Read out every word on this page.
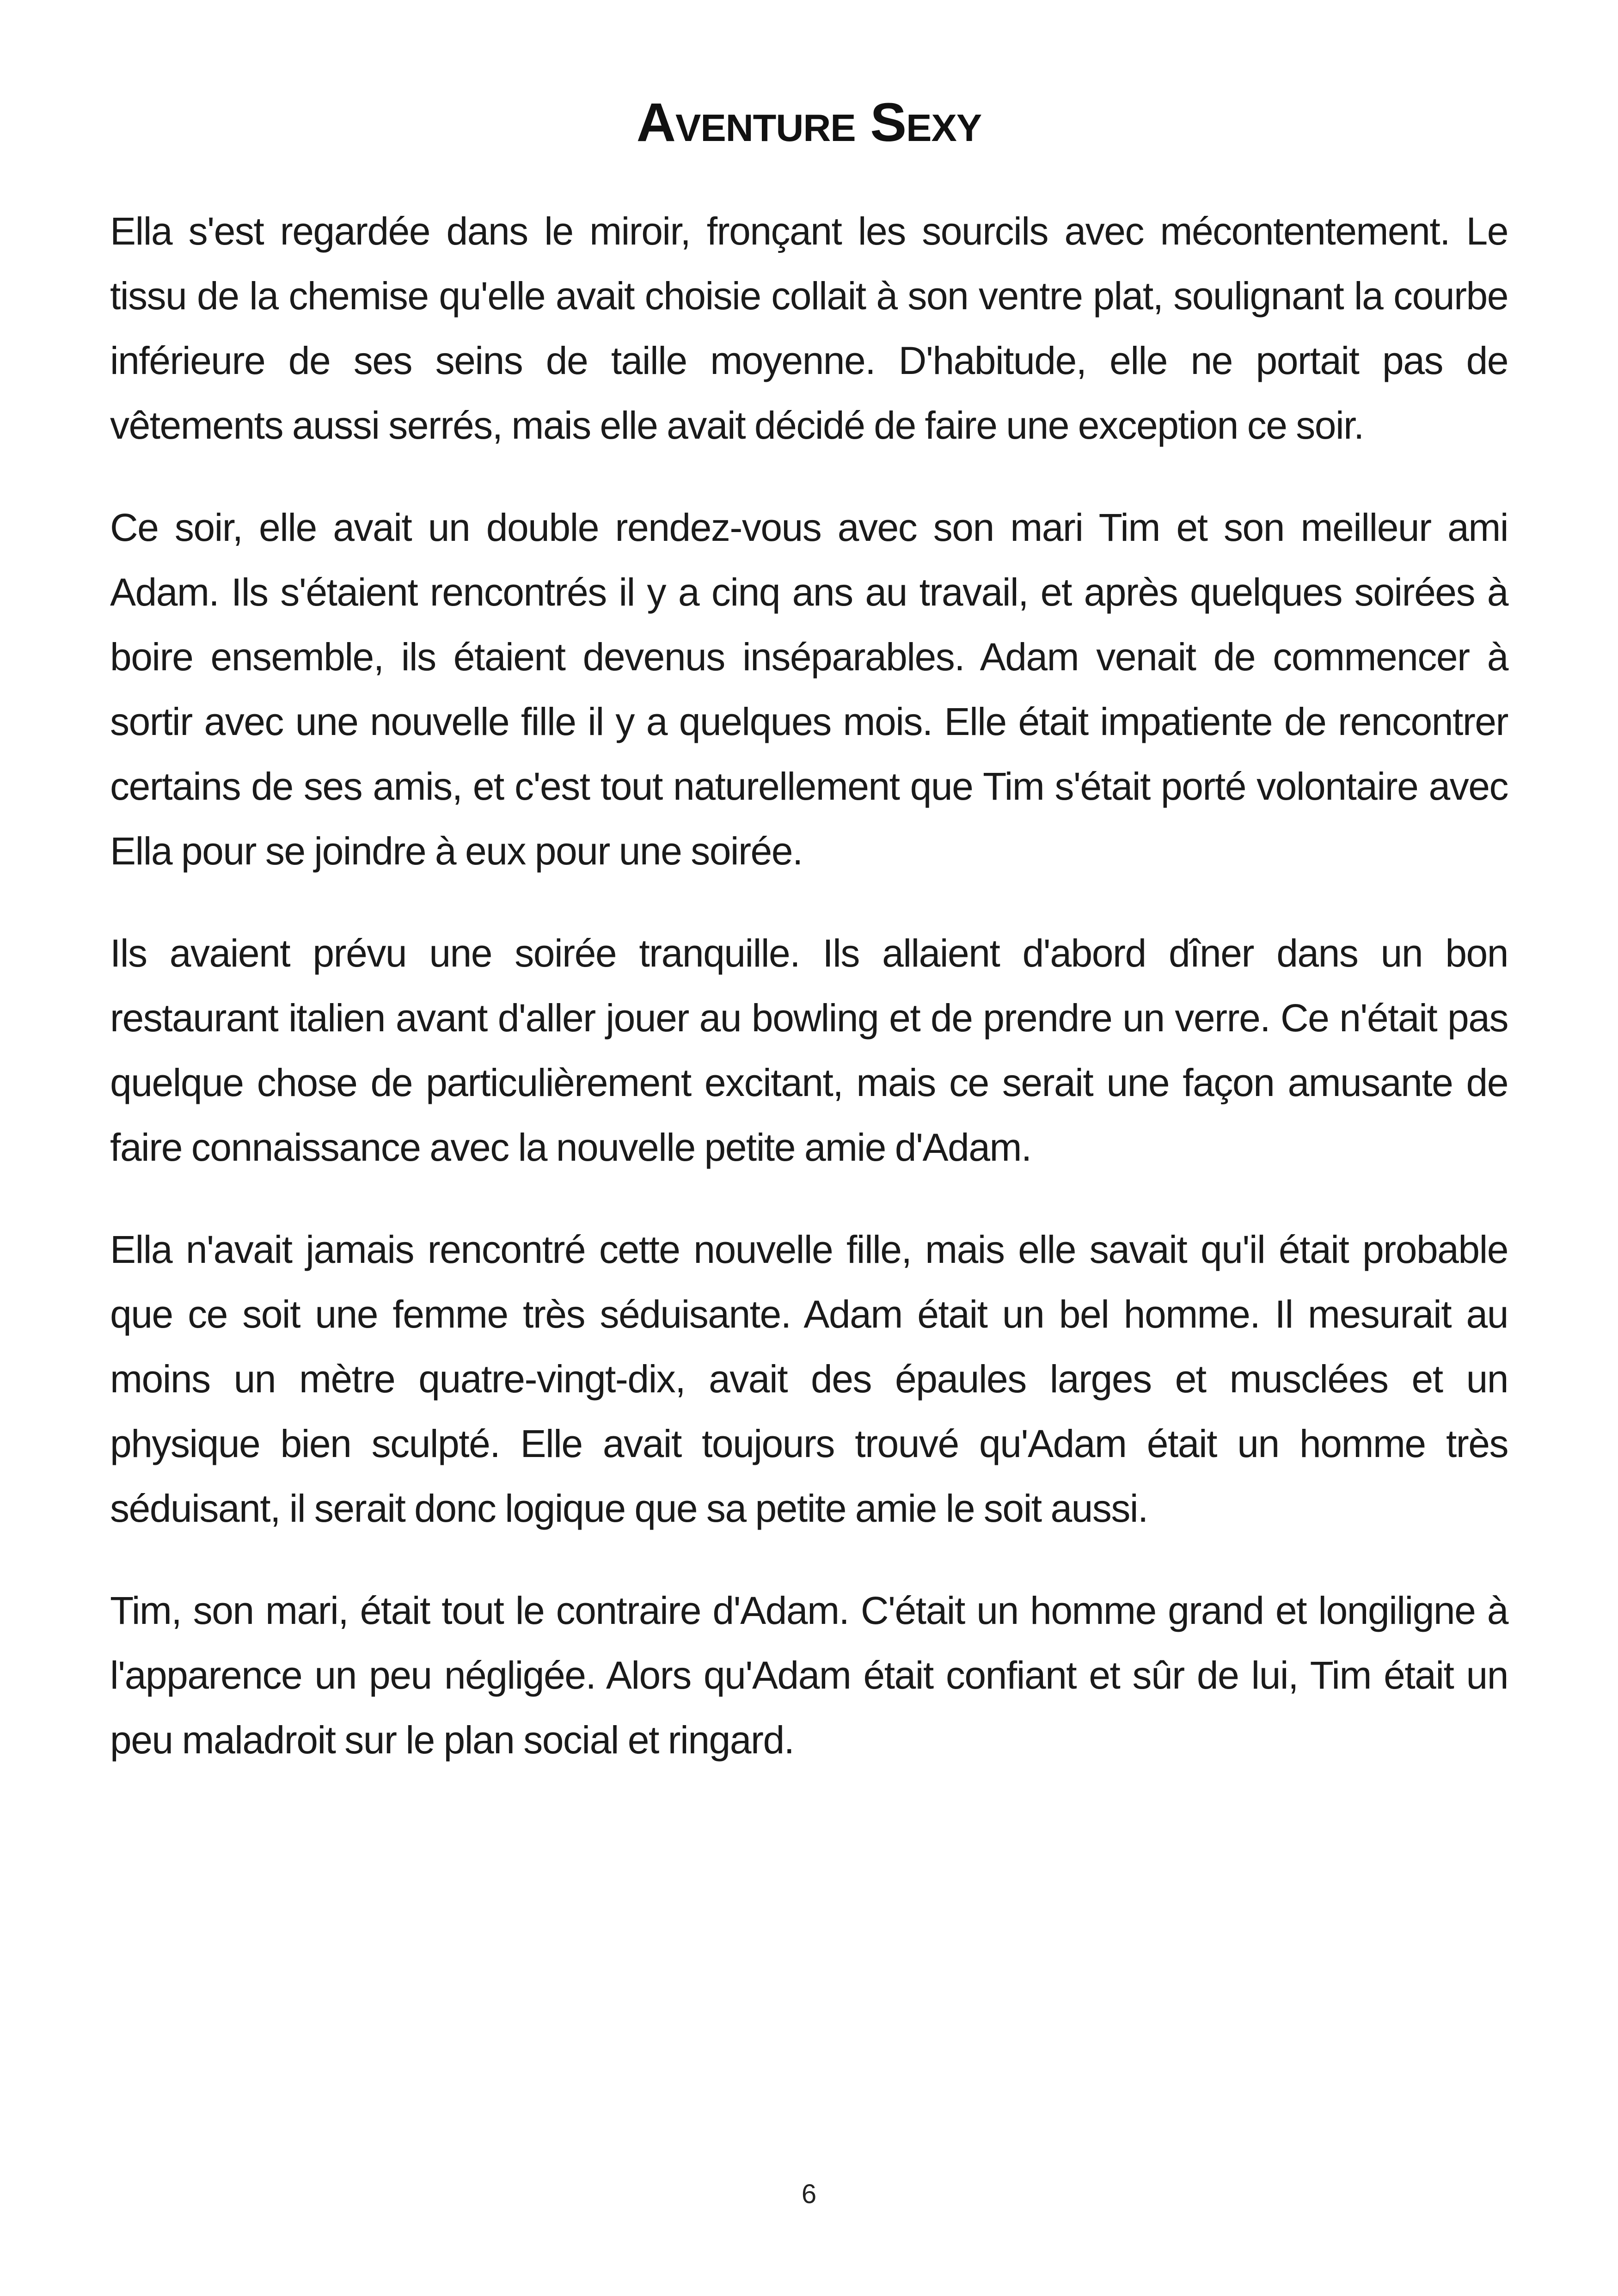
Aventure Sexy

Ella s'est regardée dans le miroir, fronçant les sourcils avec mécontentement. Le tissu de la chemise qu'elle avait choisie collait à son ventre plat, soulignant la courbe inférieure de ses seins de taille moyenne. D'habitude, elle ne portait pas de vêtements aussi serrés, mais elle avait décidé de faire une exception ce soir.

Ce soir, elle avait un double rendez-vous avec son mari Tim et son meilleur ami Adam. Ils s'étaient rencontrés il y a cinq ans au travail, et après quelques soirées à boire ensemble, ils étaient devenus inséparables. Adam venait de commencer à sortir avec une nouvelle fille il y a quelques mois. Elle était impatiente de rencontrer certains de ses amis, et c'est tout naturellement que Tim s'était porté volontaire avec Ella pour se joindre à eux pour une soirée.

Ils avaient prévu une soirée tranquille. Ils allaient d'abord dîner dans un bon restaurant italien avant d'aller jouer au bowling et de prendre un verre. Ce n'était pas quelque chose de particulièrement excitant, mais ce serait une façon amusante de faire connaissance avec la nouvelle petite amie d'Adam.

Ella n'avait jamais rencontré cette nouvelle fille, mais elle savait qu'il était probable que ce soit une femme très séduisante. Adam était un bel homme. Il mesurait au moins un mètre quatre-vingt-dix, avait des épaules larges et musclées et un physique bien sculpté. Elle avait toujours trouvé qu'Adam était un homme très séduisant, il serait donc logique que sa petite amie le soit aussi.

Tim, son mari, était tout le contraire d'Adam. C'était un homme grand et longiligne à l'apparence un peu négligée. Alors qu'Adam était confiant et sûr de lui, Tim était un peu maladroit sur le plan social et ringard.

6
